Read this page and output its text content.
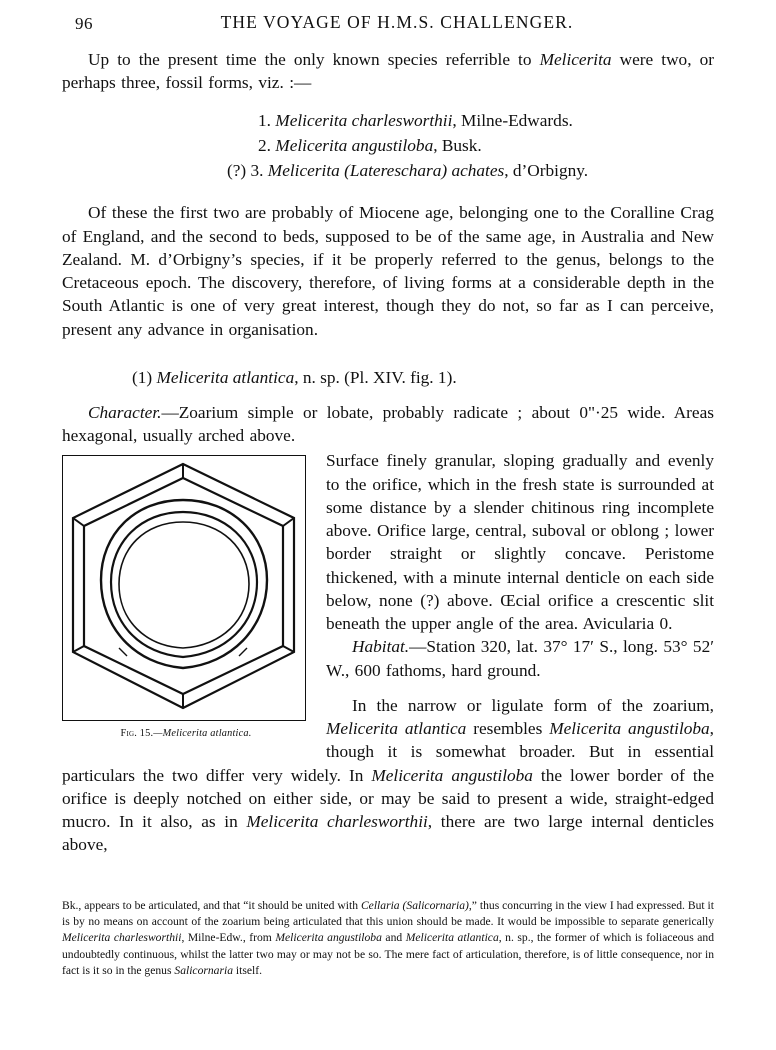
96	THE VOYAGE OF H.M.S. CHALLENGER.

Up to the present time the only known species referrible to Melicerita were two, or perhaps three, fossil forms, viz. :—

1. Melicerita charlesworthii, Milne-Edwards.
2. Melicerita angustiloba, Busk.
(?) 3. Melicerita (Latereschara) achates, d’Orbigny.

Of these the first two are probably of Miocene age, belonging one to the Coralline Crag of England, and the second to beds, supposed to be of the same age, in Australia and New Zealand. M. d’Orbigny’s species, if it be properly referred to the genus, belongs to the Cretaceous epoch. The discovery, therefore, of living forms at a considerable depth in the South Atlantic is one of very great interest, though they do not, so far as I can perceive, present any advance in organisation.

(1) Melicerita atlantica, n. sp. (Pl. XIV. fig. 1).

Character.—Zoarium simple or lobate, probably radicate ; about 0"·25 wide. Areas hexagonal, usually arched above.

Fig. 15.—Melicerita atlantica.

Surface finely granular, sloping gradually and evenly to the orifice, which in the fresh state is surrounded at some distance by a slender chitinous ring incomplete above. Orifice large, central, suboval or oblong ; lower border straight or slightly concave. Peristome thickened, with a minute internal denticle on each side below, none (?) above. Œcial orifice a crescentic slit beneath the upper angle of the area. Avicularia 0.

Habitat.—Station 320, lat. 37° 17′ S., long. 53° 52′ W., 600 fathoms, hard ground.

In the narrow or ligulate form of the zoarium, Melicerita atlantica resembles Melicerita angustiloba, though it is somewhat broader. But in essential particulars the two differ very widely. In Melicerita angustiloba the lower border of the orifice is deeply notched on either side, or may be said to present a wide, straight-edged mucro. In it also, as in Melicerita charlesworthii, there are two large internal denticles above,

Bk., appears to be articulated, and that “it should be united with Cellaria (Salicornaria),” thus concurring in the view I had expressed. But it is by no means on account of the zoarium being articulated that this union should be made. It would be impossible to separate generically Melicerita charlesworthii, Milne-Edw., from Melicerita angustiloba and Melicerita atlantica, n. sp., the former of which is foliaceous and undoubtedly continuous, whilst the latter two may or may not be so. The mere fact of articulation, therefore, is of little consequence, nor in fact is it so in the genus Salicornaria itself.
